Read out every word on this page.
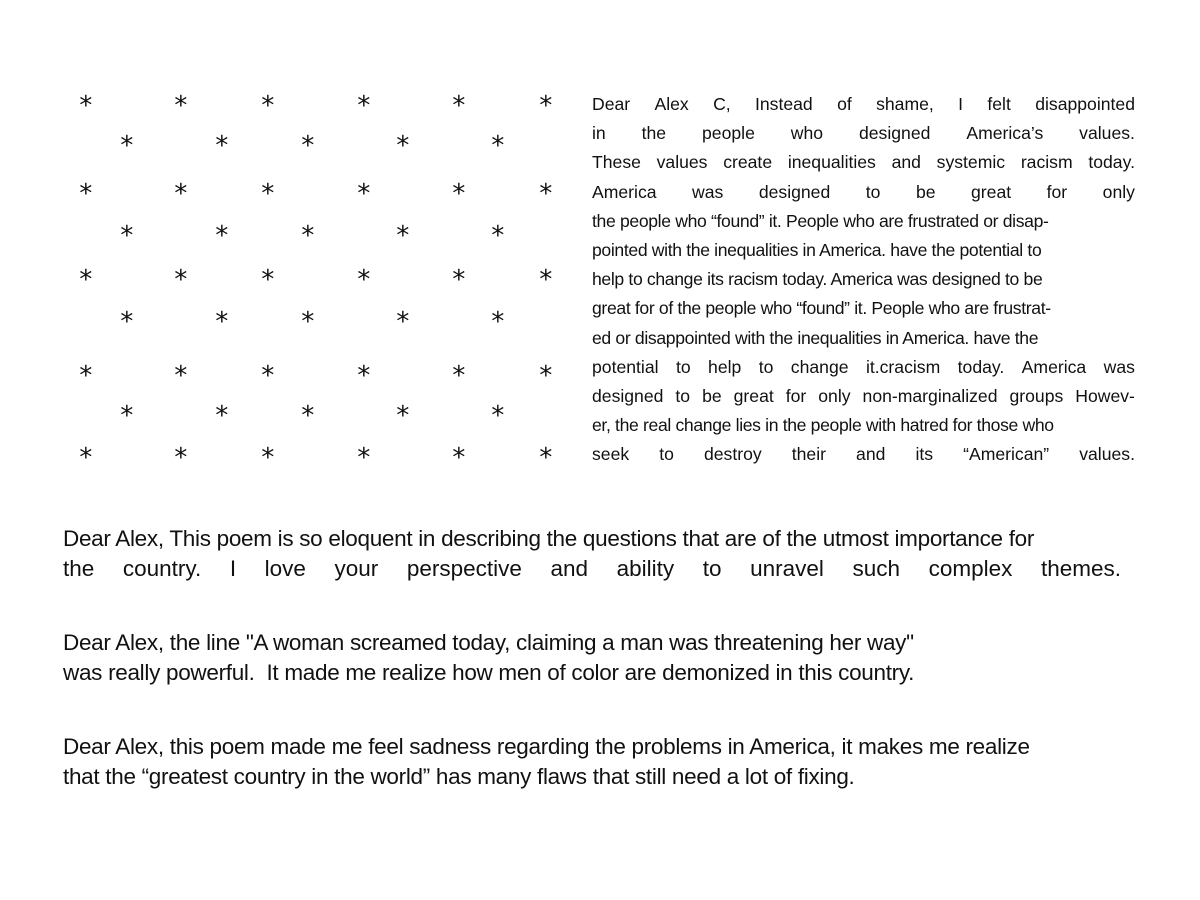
*	*	*	*	*	*
*	*	*	*	*
*	*	*	*	*	*
*	*	*	*	*
*	*	*	*	*	*
*	*	*	*	*
*	*	*	*	*	*
*	*	*	*	*
*	*	*	*	*	*
Dear Alex C, Instead of shame, I felt disappointed
in the people who designed America’s values.
These values create inequalities and systemic racism today.
America was designed to be great for only
the people who “found” it. People who are frustrated or disap-
pointed with the inequalities in America. have the potential to
help to change its racism today. America was designed to be
great for of the people who “found” it. People who are frustrat-
ed or disappointed with the inequalities in America. have the
potential to help to change it.cracism today. America was
designed to be great for only non-marginalized groups Howev-
er, the real change lies in the people with hatred for those who
seek to destroy their and its “American” values.
Dear Alex, This poem is so eloquent in describing the questions that are of the utmost importance for
the country. I love your perspective and ability to unravel such complex themes.
Dear Alex, the line "A woman screamed today, claiming a man was threatening her way"
was really powerful.  It made me realize how men of color are demonized in this country.
Dear Alex, this poem made me feel sadness regarding the problems in America, it makes me realize
that the “greatest country in the world” has many flaws that still need a lot of fixing.
